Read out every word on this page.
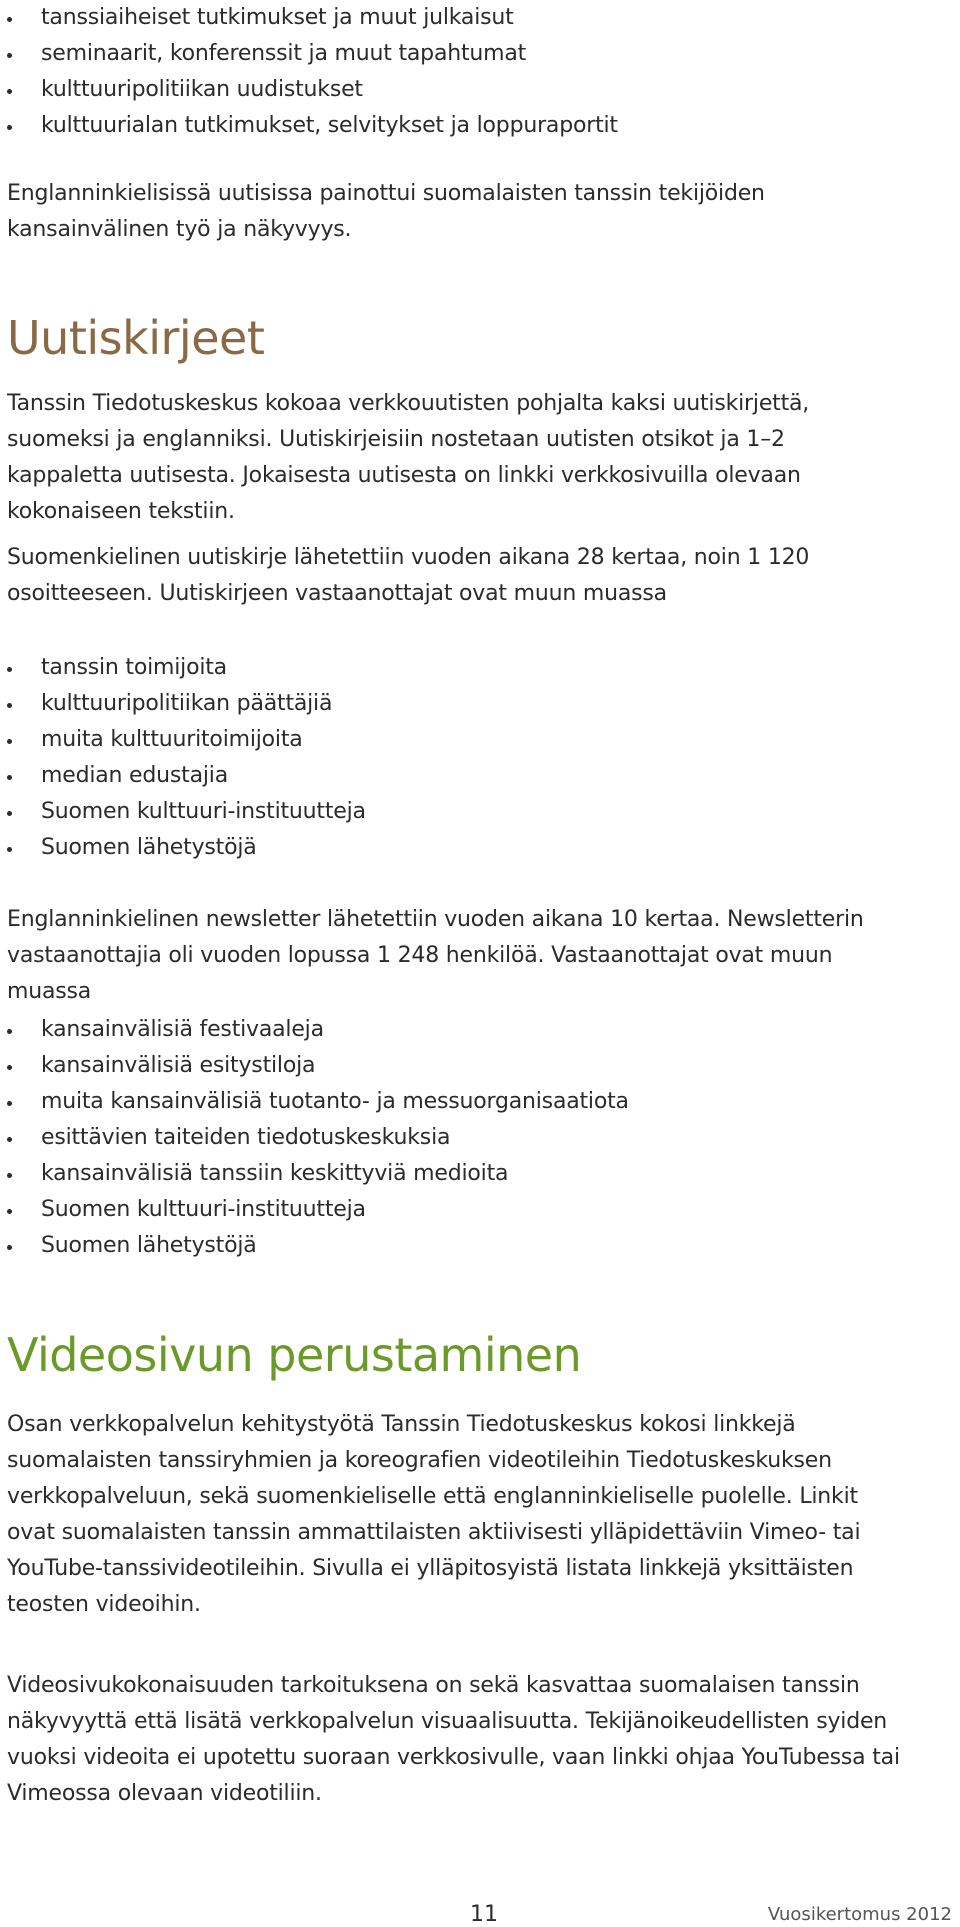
tanssiaiheiset tutkimukset ja muut julkaisut
seminaarit, konferenssit ja muut tapahtumat
kulttuuripolitiikan uudistukset
kulttuurialan tutkimukset, selvitykset ja loppuraportit

Englanninkielisissä uutisissa painottui suomalaisten tanssin tekijöiden kansainvälinen työ ja näkyvyys.

Uutiskirjeet

Tanssin Tiedotuskeskus kokoaa verkkouutisten pohjalta kaksi uutiskirjettä, suomeksi ja englanniksi. Uutiskirjeisiin nostetaan uutisten otsikot ja 1–2 kappaletta uutisesta. Jokaisesta uutisesta on linkki verkkosivuilla olevaan kokonaiseen tekstiin.

Suomenkielinen uutiskirje lähetettiin vuoden aikana 28 kertaa, noin 1 120 osoitteeseen. Uutiskirjeen vastaanottajat ovat muun muassa

tanssin toimijoita
kulttuuripolitiikan päättäjiä
muita kulttuuritoimijoita
median edustajia
Suomen kulttuuri-instituutteja
Suomen lähetystöjä

Englanninkielinen newsletter lähetettiin vuoden aikana 10 kertaa. Newsletterin vastaanottajia oli vuoden lopussa 1 248 henkilöä. Vastaanottajat ovat muun muassa

kansainvälisiä festivaaleja
kansainvälisiä esitystiloja
muita kansainvälisiä tuotanto- ja messuorganisaatiota
esittävien taiteiden tiedotuskeskuksia
kansainvälisiä tanssiin keskittyviä medioita
Suomen kulttuuri-instituutteja
Suomen lähetystöjä
Videosivun perustaminen

Osan verkkopalvelun kehitystyötä Tanssin Tiedotuskeskus kokosi linkkejä suomalaisten tanssiryhmien ja koreografien videotileihin Tiedotuskeskuksen verkkopalveluun, sekä suomenkieliselle että englanninkieliselle puolelle. Linkit ovat suomalaisten tanssin ammattilaisten aktiivisesti ylläpidettäviin Vimeo- tai YouTube-tanssivideotileihin. Sivulla ei ylläpitosyistä listata linkkejä yksittäisten teosten videoihin.

Videosivukokonaisuuden tarkoituksena on sekä kasvattaa suomalaisen tanssin näkyvyyttä että lisätä verkkopalvelun visuaalisuutta. Tekijänoikeudellisten syiden vuoksi videoita ei upotettu suoraan verkkosivulle, vaan linkki ohjaa YouTubessa tai Vimeossa olevaan videotiliin.

11	Vuosikertomus 2012
